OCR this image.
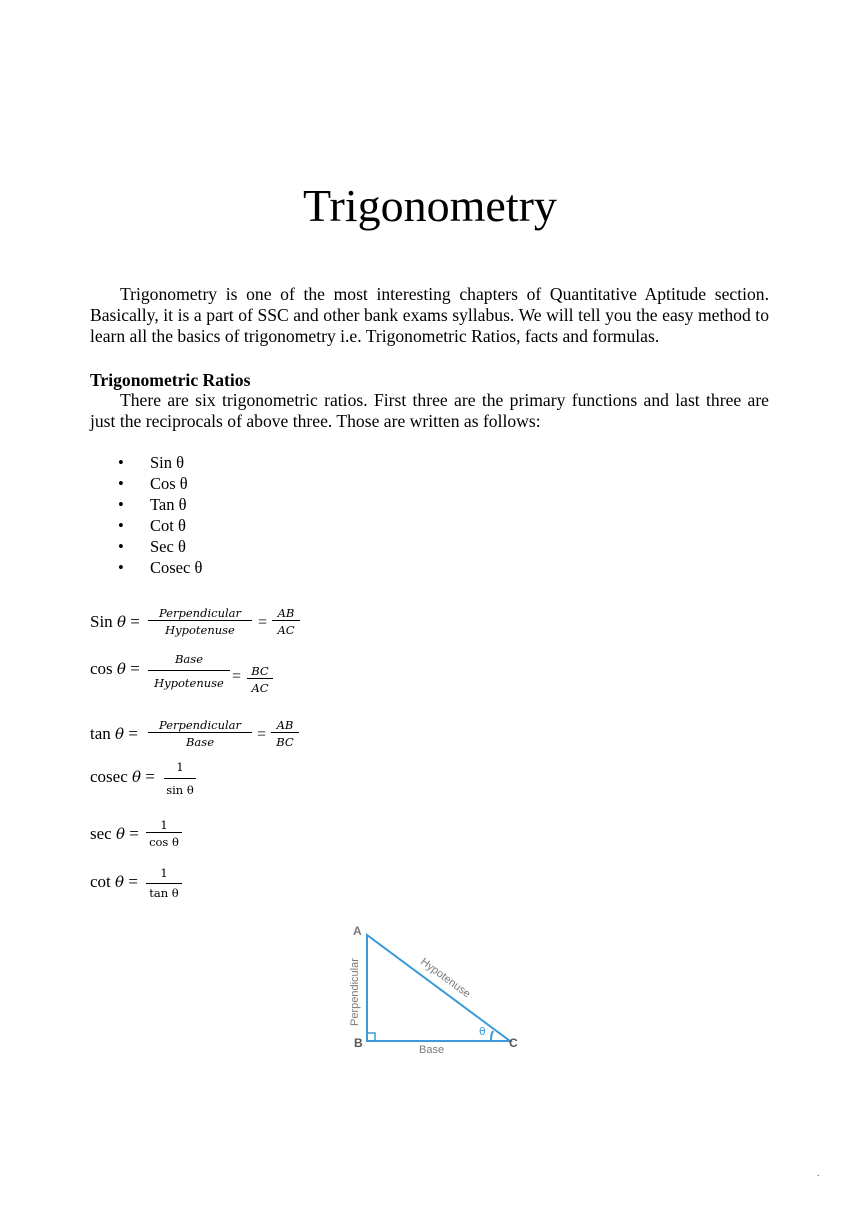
Trigonometry

Trigonometry is one of the most interesting chapters of Quantitative Aptitude section. Basically, it is a part of SSC and other bank exams syllabus. We will tell you the easy method to learn all the basics of trigonometry i.e. Trigonometric Ratios, facts and formulas.

Trigonometric Ratios

There are six trigonometric ratios. First three are the primary functions and last three are just the reciprocals of above three. Those are written as follows:

• Sin θ
• Cos θ
• Tan θ
• Cot θ
• Sec θ
• Cosec θ
Sin θ =	Perpendicular
Hypotenuse	= $\frac{AB}{AC}$
cos θ =	Base
Hypotenuse = $\frac{BC}{AC}$
tan θ =	Perpendicular
Base	= $\frac{AB}{BC}$
cosec $\theta = \frac{1}{\text{sin θ}}$
$\sec \theta = \frac{1}{\text{cos θ}}$
$\cot \theta = \frac{1}{\text{tan θ}}$
A
B	C
θ
Perpendicular	Hypotenuse
Base
.
